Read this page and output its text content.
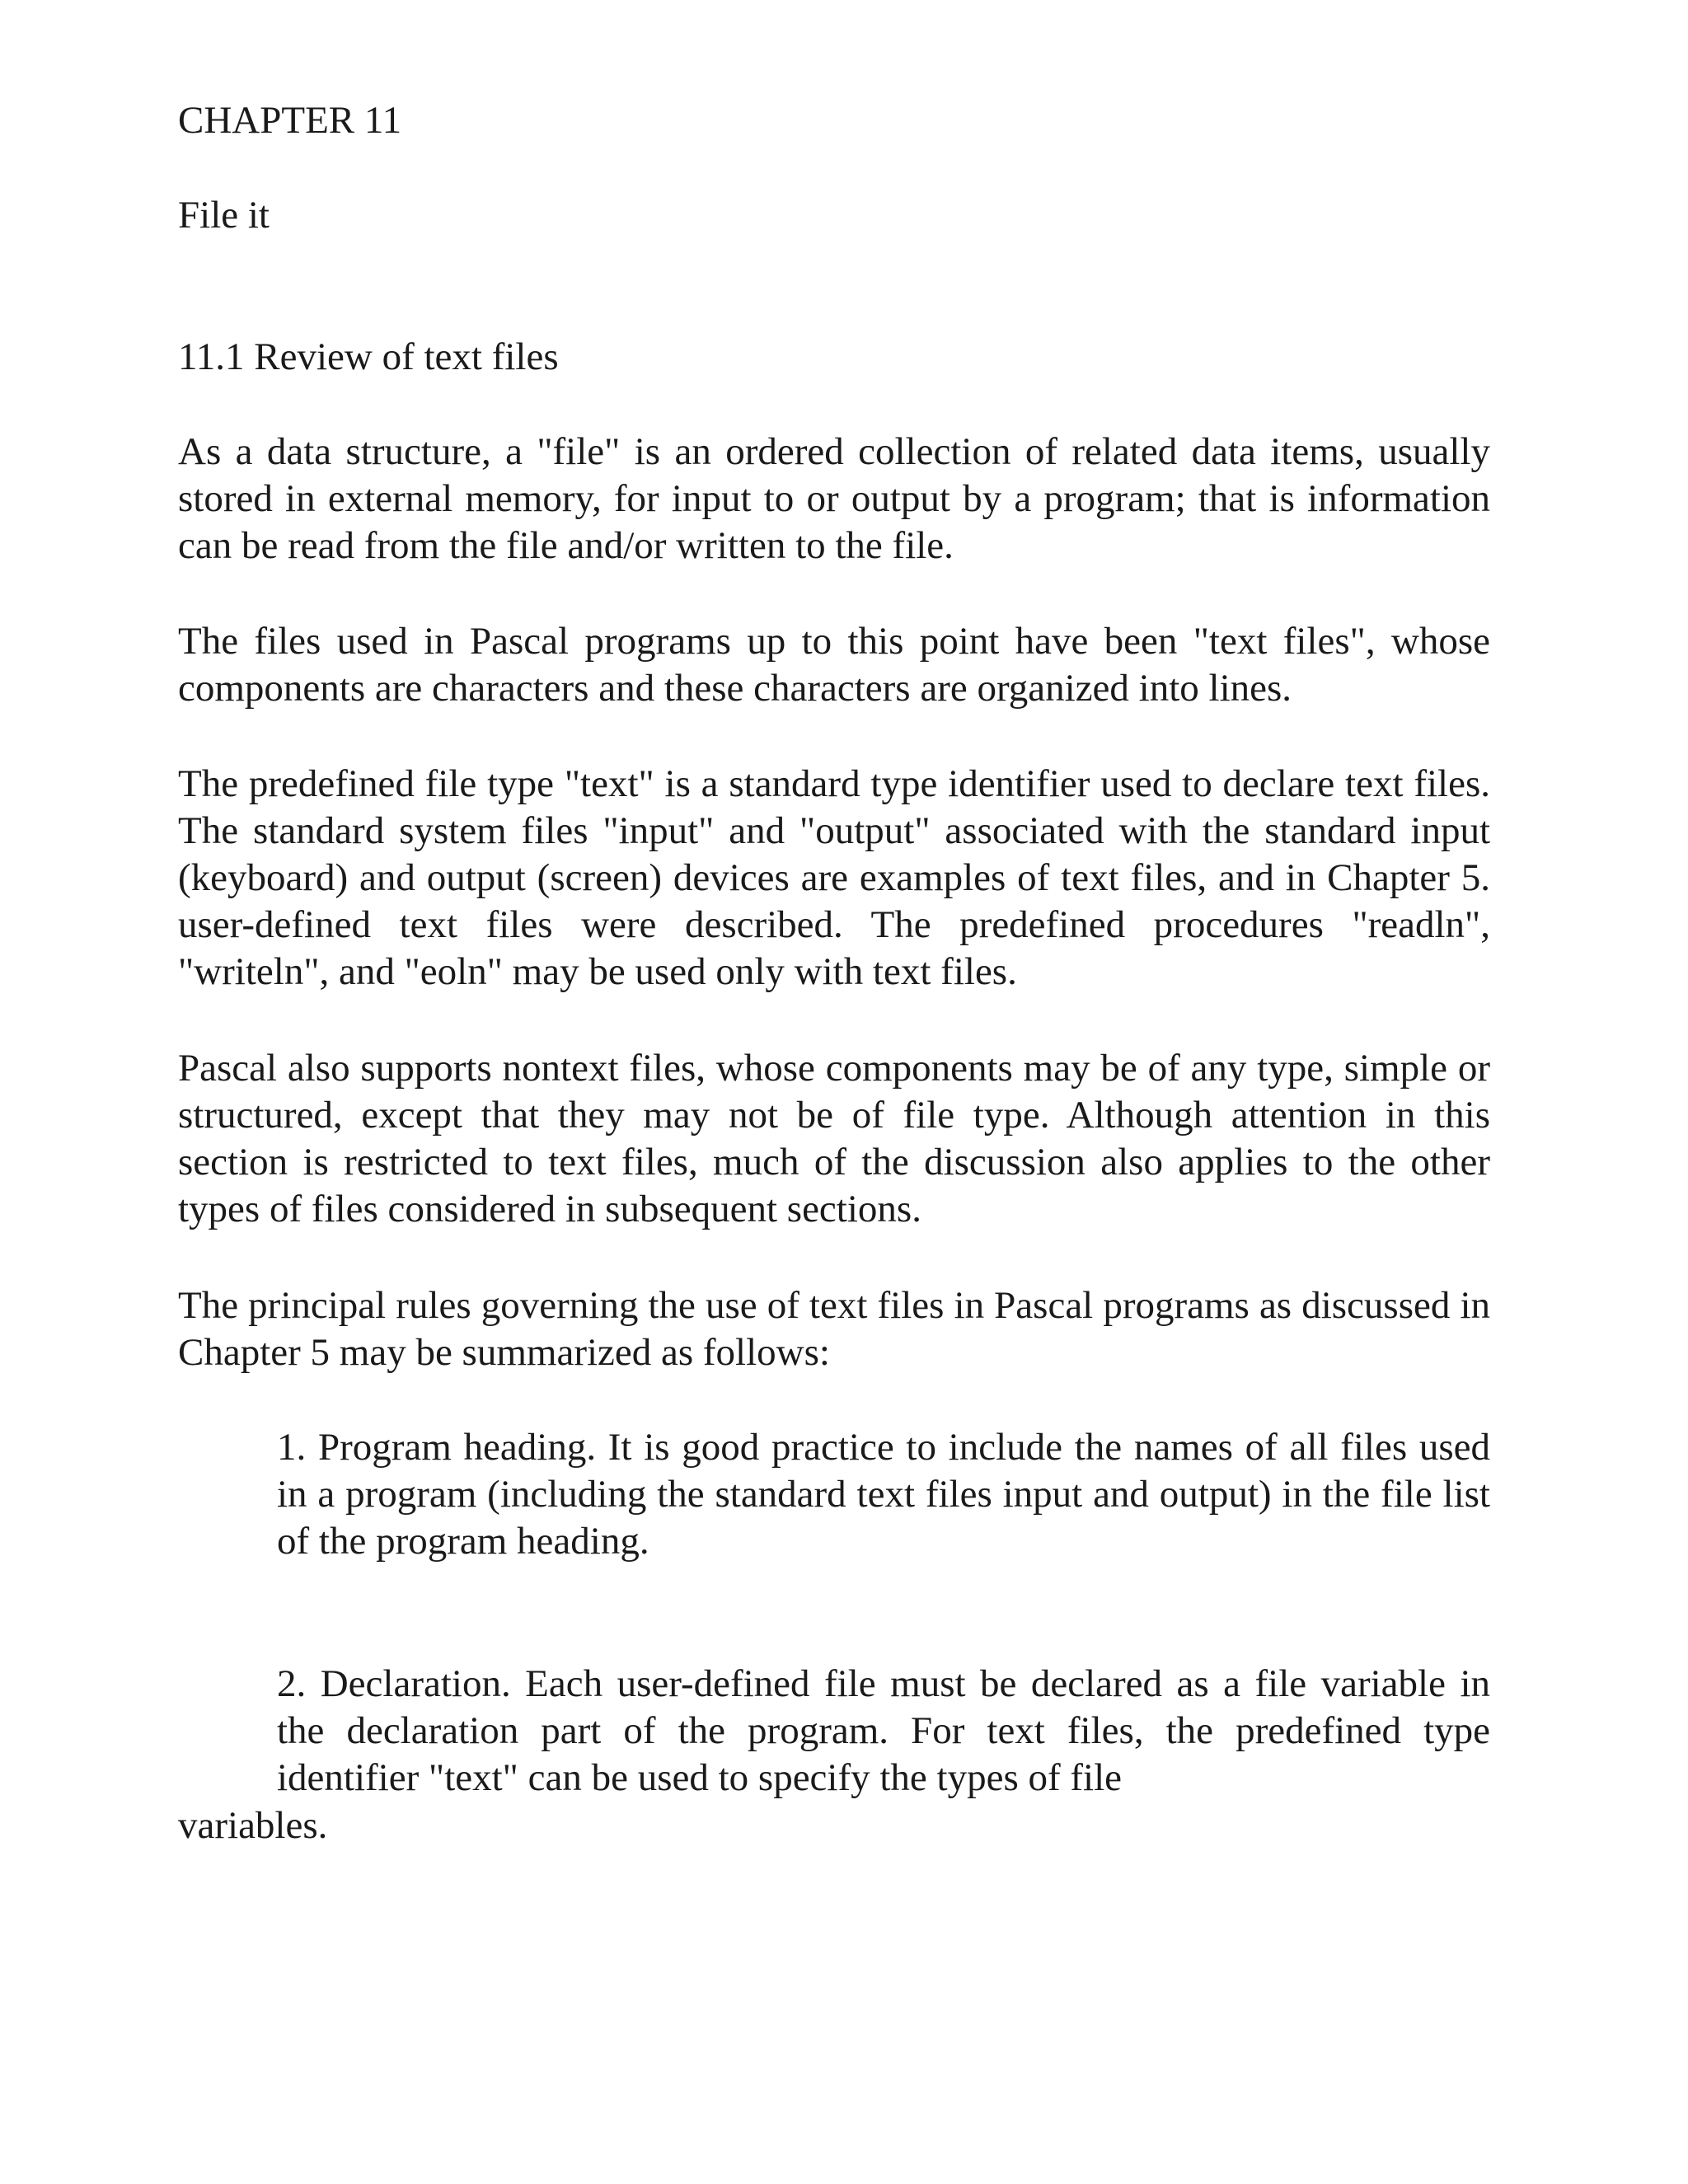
CHAPTER 11
File it
11.1 Review of text files

As a data structure, a "file" is an ordered collection of related data items, usually stored in external memory, for input to or output by a program; that is information can be read from the file and/or written to the file.

The files used in Pascal programs up to this point have been "text files", whose components are characters and these characters are organized into lines.

The predefined file type "text" is a standard type identifier used to declare text files. The standard system files "input" and "output" associated with the standard input (keyboard) and output (screen) devices are examples of text files, and in Chapter 5. user-defined text files were described. The predefined procedures "readln", "writeln", and "eoln" may be used only with text files.

Pascal also supports nontext files, whose components may be of any type, simple or structured, except that they may not be of file type. Although attention in this section is restricted to text files, much of the discussion also applies to the other types of files considered in subsequent sections.

The principal rules governing the use of text files in Pascal programs as discussed in Chapter 5 may be summarized as follows:

1. Program heading. It is good practice to include the names of all files used in a program (including the standard text files input and output) in the file list of the program heading.

2. Declaration. Each user-defined file must be declared as a file variable in the declaration part of the program. For text files, the predefined type identifier "text" can be used to specify the types of file

variables.
